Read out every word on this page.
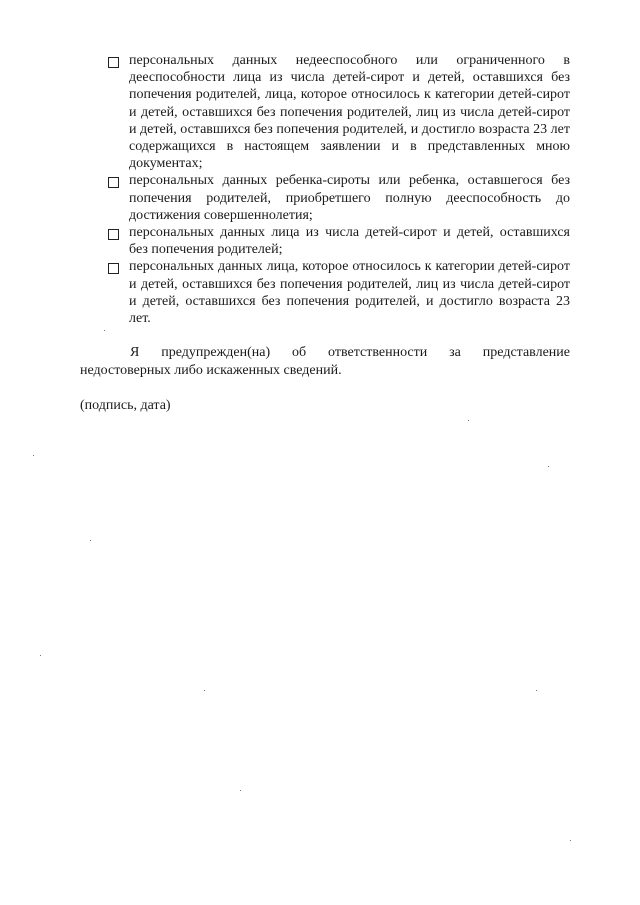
персональных данных недееспособного или ограниченного в дееспособности лица из числа детей-сирот и детей, оставшихся без попечения родителей, лица, которое относилось к категории детей-сирот и детей, оставшихся без попечения родителей, лиц из числа детей-сирот и детей, оставшихся без попечения родителей, и достигло возраста 23 лет содержащихся в настоящем заявлении и в представленных мною документах;
персональных данных ребенка-сироты или ребенка, оставшегося без попечения родителей, приобретшего полную дееспособность до достижения совершеннолетия;
персональных данных лица из числа детей-сирот и детей, оставшихся без попечения родителей;
персональных данных лица, которое относилось к категории детей-сирот и детей, оставшихся без попечения родителей, лиц из числа детей-сирот и детей, оставшихся без попечения родителей, и достигло возраста 23 лет.

Я предупрежден(на) об ответственности за представление недостоверных либо искаженных сведений.

(подпись, дата)
